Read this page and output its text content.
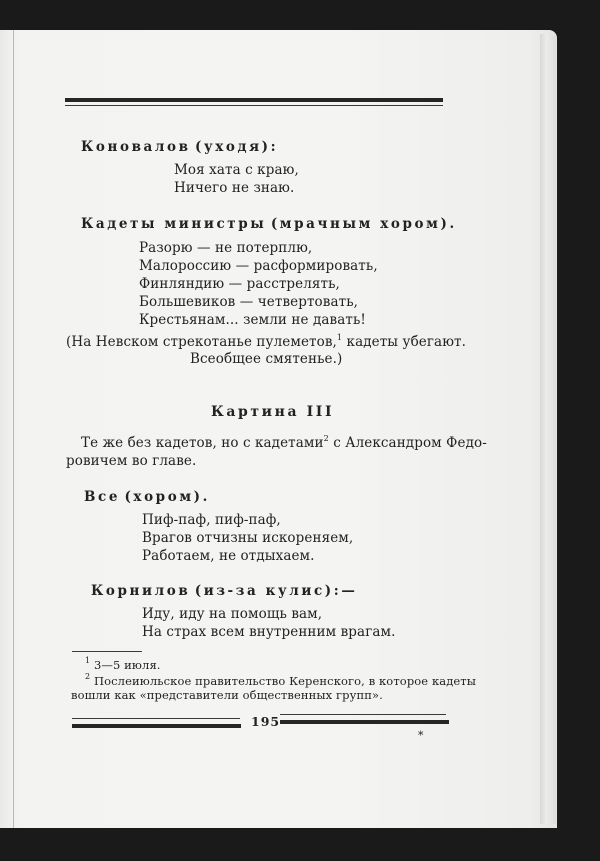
Коновалов (уходя):
Моя хата с краю,
Ничего не знаю.
Кадеты министры (мрачным хором).
Разорю — не потерплю,
Малороссию — расформировать,
Финляндию — расстрелять,
Большевиков — четвертовать,
Крестьянам... земли не давать!
(На Невском стрекотанье пулеметов,$^1$ кадеты убегают.
Всеобщее смятенье.)
Картина III
Те же без кадетов, но с кадетами$^2$ с Александром Федо-
ровичем во главе.
Все (хором).
Пиф-паф, пиф-паф,
Врагов отчизны искореняем,
Работаем, не отдыхаем.
Корнилов (из-за кулис):—
Иду, иду на помощь вам,
На страх всем внутренним врагам.
$^1$ 3—5 июля.
$^2$ Послеиюльское правительство Керенского, в которое кадеты
вошли как «представители общественных групп».
195
*
